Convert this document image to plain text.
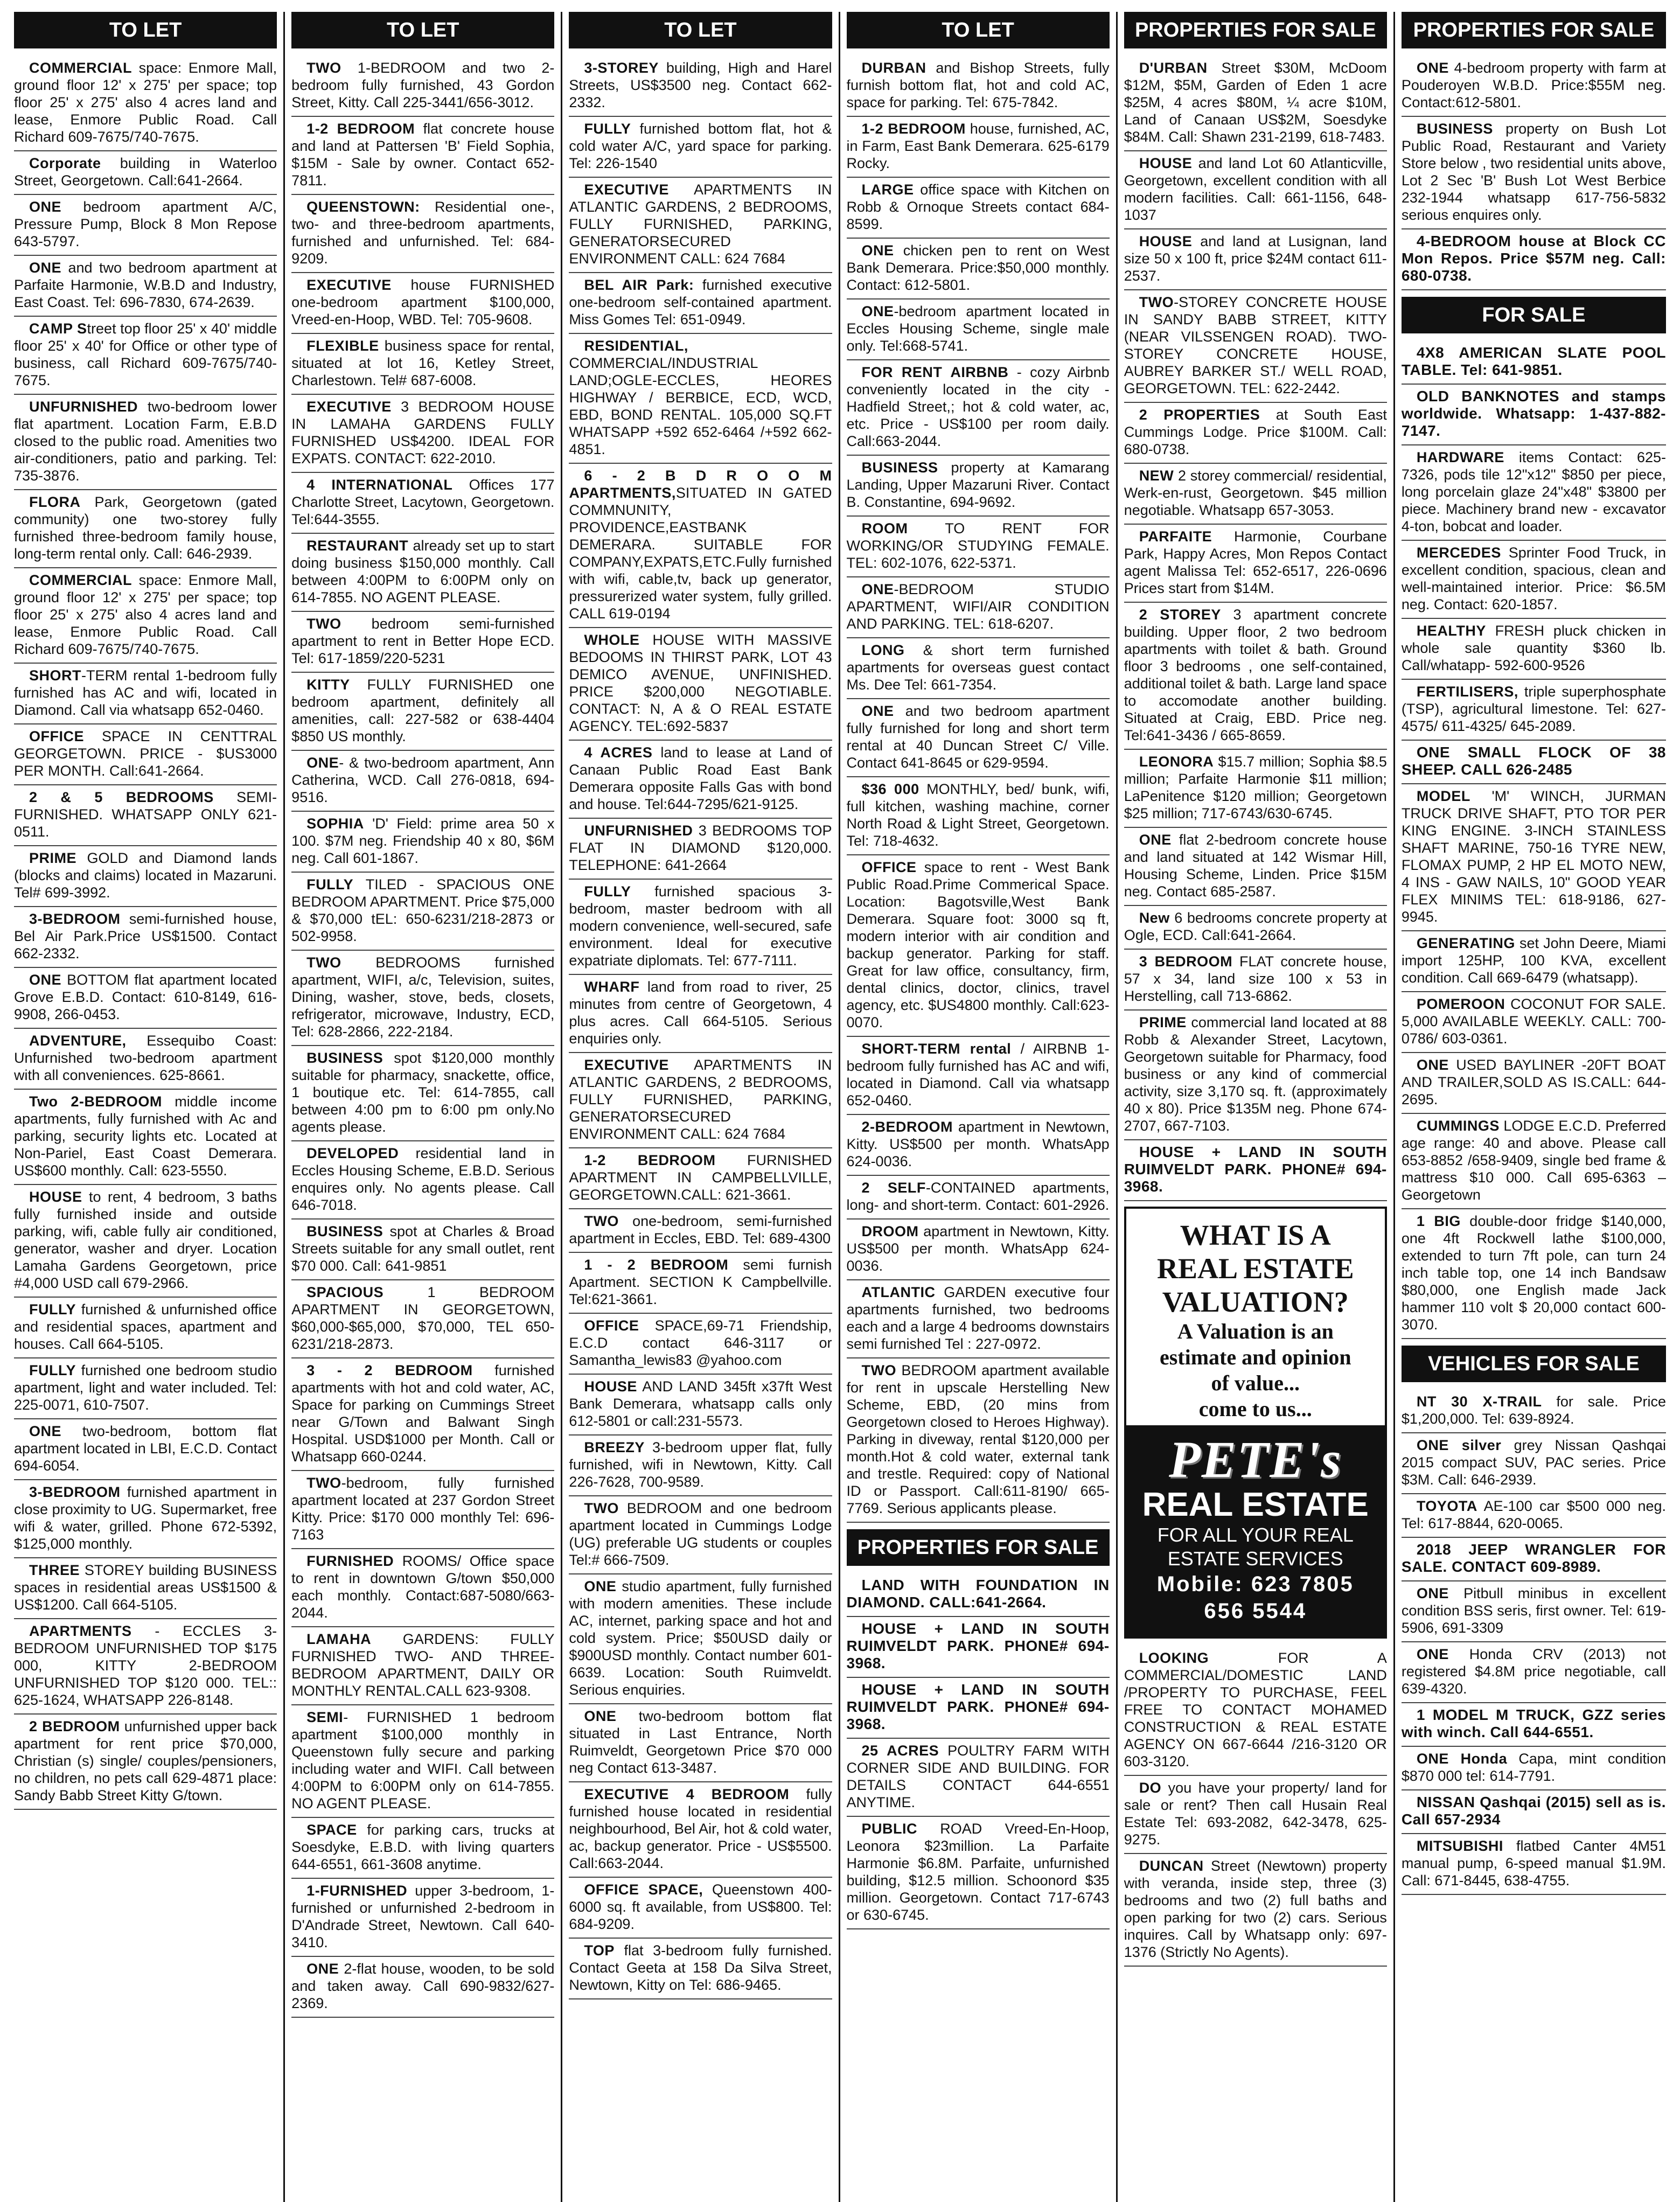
TO LET

COMMERCIAL space: Enmore Mall, ground floor 12' x 275' per space; top floor 25' x 275' also 4 acres land and lease, Enmore Public Road. Call Richard 609-7675/740-7675.

Corporate building in Waterloo Street, Georgetown. Call:641-2664.

ONE bedroom apartment A/C, Pressure Pump, Block 8 Mon Repose 643-5797.

ONE and two bedroom apartment at Parfaite Harmonie, W.B.D and Industry, East Coast. Tel: 696-7830, 674-2639.

CAMP Street top floor 25' x 40' middle floor 25' x 40' for Office or other type of business, call Richard 609-7675/740-7675.

UNFURNISHED two-bedroom lower flat apartment. Location Farm, E.B.D closed to the public road. Amenities two air-conditioners, patio and parking. Tel: 735-3876.

FLORA Park, Georgetown (gated community) one two-storey fully furnished three-bedroom family house, long-term rental only. Call: 646-2939.

COMMERCIAL space: Enmore Mall, ground floor 12' x 275' per space; top floor 25' x 275' also 4 acres land and lease, Enmore Public Road. Call Richard 609-7675/740-7675.

SHORT-TERM rental 1-bedroom fully furnished has AC and wifi, located in Diamond. Call via whatsapp 652-0460.

OFFICE SPACE IN CENTTRAL GEORGETOWN. PRICE - $US3000 PER MONTH. Call:641-2664.

2 & 5 BEDROOMS SEMI-FURNISHED. WHATSAPP ONLY 621-0511.

PRIME GOLD and Diamond lands (blocks and claims) located in Mazaruni. Tel# 699-3992.

3-BEDROOM semi-furnished house, Bel Air Park.Price US$1500. Contact 662-2332.

ONE BOTTOM flat apartment located Grove E.B.D. Contact: 610-8149, 616-9908, 266-0453.

ADVENTURE, Essequibo Coast: Unfurnished two-bedroom apartment with all conveniences. 625-8661.

Two 2-BEDROOM middle income apartments, fully furnished with Ac and parking, security lights etc. Located at Non-Pariel, East Coast Demerara. US$600 monthly. Call: 623-5550.

HOUSE to rent, 4 bedroom, 3 baths fully furnished inside and outside parking, wifi, cable fully air conditioned, generator, washer and dryer. Location Lamaha Gardens Georgetown, price #4,000 USD call 679-2966.

FULLY furnished & unfurnished office and residential spaces, apartment and houses. Call 664-5105.

FULLY furnished one bedroom studio apartment, light and water included. Tel: 225-0071, 610-7507.

ONE two-bedroom, bottom flat apartment located in LBI, E.C.D. Contact 694-6054.

3-BEDROOM furnished apartment in close proximity to UG. Supermarket, free wifi & water, grilled. Phone 672-5392, $125,000 monthly.

THREE STOREY building BUSINESS spaces in residential areas US$1500 & US$1200. Call 664-5105.

APARTMENTS - ECCLES 3-BEDROOM UNFURNISHED TOP $175 000, KITTY 2-BEDROOM UNFURNISHED TOP $120 000. TEL:: 625-1624, WHATSAPP 226-8148.

2 BEDROOM unfurnished upper back apartment for rent price $70,000, Christian (s) single/ couples/pensioners, no children, no pets call 629-4871 place: Sandy Babb Street Kitty G/town.

TO LET

TWO 1-BEDROOM and two 2-bedroom fully furnished, 43 Gordon Street, Kitty. Call 225-3441/656-3012.

1-2 BEDROOM flat concrete house and land at Pattersen 'B' Field Sophia, $15M - Sale by owner. Contact 652-7811.

QUEENSTOWN: Residential one-, two- and three-bedroom apartments, furnished and unfurnished. Tel: 684-9209.

EXECUTIVE house FURNISHED one-bedroom apartment $100,000, Vreed-en-Hoop, WBD. Tel: 705-9608.

FLEXIBLE business space for rental, situated at lot 16, Ketley Street, Charlestown. Tel# 687-6008.

EXECUTIVE 3 BEDROOM HOUSE IN LAMAHA GARDENS FULLY FURNISHED US$4200. IDEAL FOR EXPATS. CONTACT: 622-2010.

4 INTERNATIONAL Offices 177 Charlotte Street, Lacytown, Georgetown. Tel:644-3555.

RESTAURANT already set up to start doing business $150,000 monthly. Call between 4:00PM to 6:00PM only on 614-7855. NO AGENT PLEASE.

TWO bedroom semi-furnished apartment to rent in Better Hope ECD. Tel: 617-1859/220-5231

KITTY FULLY FURNISHED one bedroom apartment, definitely all amenities, call: 227-582 or 638-4404 $850 US monthly.

ONE- & two-bedroom apartment, Ann Catherina, WCD. Call 276-0818, 694-9516.

SOPHIA 'D' Field: prime area 50 x 100. $7M neg. Friendship 40 x 80, $6M neg. Call 601-1867.

FULLY TILED - SPACIOUS ONE BEDROOM APARTMENT. Price $75,000 & $70,000 tEL: 650-6231/218-2873 or 502-9958.

TWO BEDROOMS furnished apartment, WIFI, a/c, Television, suites, Dining, washer, stove, beds, closets, refrigerator, microwave, Industry, ECD, Tel: 628-2866, 222-2184.

BUSINESS spot $120,000 monthly suitable for pharmacy, snackette, office, 1 boutique etc. Tel: 614-7855, call between 4:00 pm to 6:00 pm only.No agents please.

DEVELOPED residential land in Eccles Housing Scheme, E.B.D. Serious enquires only. No agents please. Call 646-7018.

BUSINESS spot at Charles & Broad Streets suitable for any small outlet, rent $70 000. Call: 641-9851

SPACIOUS 1 BEDROOM APARTMENT IN GEORGETOWN, $60,000-$65,000, $70,000, TEL 650-6231/218-2873.

3 - 2 BEDROOM furnished apartments with hot and cold water, AC, Space for parking on Cummings Street near G/Town and Balwant Singh Hospital. USD$1000 per Month. Call or Whatsapp 660-0244.

TWO-bedroom, fully furnished apartment located at 237 Gordon Street Kitty. Price: $170 000 monthly Tel: 696-7163

FURNISHED ROOMS/ Office space to rent in downtown G/town $50,000 each monthly. Contact:687-5080/663-2044.

LAMAHA GARDENS: FULLY FURNISHED TWO- AND THREE-BEDROOM APARTMENT, DAILY OR MONTHLY RENTAL.CALL 623-9308.

SEMI- FURNISHED 1 bedroom apartment $100,000 monthly in Queenstown fully secure and parking including water and WIFI. Call between 4:00PM to 6:00PM only on 614-7855. NO AGENT PLEASE.

SPACE for parking cars, trucks at Soesdyke, E.B.D. with living quarters 644-6551, 661-3608 anytime.

1-FURNISHED upper 3-bedroom, 1-furnished or unfurnished 2-bedroom in D'Andrade Street, Newtown. Call 640-3410.

ONE 2-flat house, wooden, to be sold and taken away. Call 690-9832/627-2369.

TO LET

3-STOREY building, High and Harel Streets, US$3500 neg. Contact 662-2332.

FULLY furnished bottom flat, hot & cold water A/C, yard space for parking. Tel: 226-1540

EXECUTIVE APARTMENTS IN ATLANTIC GARDENS, 2 BEDROOMS, FULLY FURNISHED, PARKING, GENERATORSECURED ENVIRONMENT CALL: 624 7684

BEL AIR Park: furnished executive one-bedroom self-contained apartment. Miss Gomes Tel: 651-0949.

RESIDENTIAL, COMMERCIAL/INDUSTRIAL LAND;OGLE-ECCLES, HEORES HIGHWAY / BERBICE, ECD, WCD, EBD, BOND RENTAL. 105,000 SQ.FT WHATSAPP +592 652-6464 /+592 662-4851.

6 - 2 B D R O O M APARTMENTS,SITUATED IN GATED COMMNUNITY, PROVIDENCE,EASTBANK DEMERARA. SUITABLE FOR COMPANY,EXPATS,ETC.Fully furnished with wifi, cable,tv, back up generator, pressurerized water system, fully grilled. CALL 619-0194

WHOLE HOUSE WITH MASSIVE BEDOOMS IN THIRST PARK, LOT 43 DEMICO AVENUE, UNFINISHED. PRICE $200,000 NEGOTIABLE. CONTACT: N, A & O REAL ESTATE AGENCY. TEL:692-5837

4 ACRES land to lease at Land of Canaan Public Road East Bank Demerara opposite Falls Gas with bond and house. Tel:644-7295/621-9125.

UNFURNISHED 3 BEDROOMS TOP FLAT IN DIAMOND $120,000. TELEPHONE: 641-2664

FULLY furnished spacious 3-bedroom, master bedroom with all modern convenience, well-secured, safe environment. Ideal for executive expatriate diplomats. Tel: 677-7111.

WHARF land from road to river, 25 minutes from centre of Georgetown, 4 plus acres. Call 664-5105. Serious enquiries only.

EXECUTIVE APARTMENTS IN ATLANTIC GARDENS, 2 BEDROOMS, FULLY FURNISHED, PARKING, GENERATORSECURED ENVIRONMENT CALL: 624 7684

1-2 BEDROOM FURNISHED APARTMENT IN CAMPBELLVILLE, GEORGETOWN.CALL: 621-3661.

TWO one-bedroom, semi-furnished apartment in Eccles, EBD. Tel: 689-4300

1 - 2 BEDROOM semi furnish Apartment. SECTION K Campbellville. Tel:621-3661.

OFFICE SPACE,69-71 Friendship, E.C.D contact 646-3117 or Samantha_lewis83 @yahoo.com

HOUSE AND LAND 345ft x37ft West Bank Demerara, whatsapp calls only 612-5801 or call:231-5573.

BREEZY 3-bedroom upper flat, fully furnished, wifi in Newtown, Kitty. Call 226-7628, 700-9589.

TWO BEDROOM and one bedroom apartment located in Cummings Lodge (UG) preferable UG students or couples Tel:# 666-7509.

ONE studio apartment, fully furnished with modern amenities. These include AC, internet, parking space and hot and cold system. Price; $50USD daily or $900USD monthly. Contact number 601-6639. Location: South Ruimveldt. Serious enquiries.

ONE two-bedroom bottom flat situated in Last Entrance, North Ruimveldt, Georgetown Price $70 000 neg Contact 613-3487.

EXECUTIVE 4 BEDROOM fully furnished house located in residential neighbourhood, Bel Air, hot & cold water, ac, backup generator. Price - US$5500. Call:663-2044.

OFFICE SPACE, Queenstown 400-6000 sq. ft available, from US$800. Tel: 684-9209.

TOP flat 3-bedroom fully furnished. Contact Geeta at 158 Da Silva Street, Newtown, Kitty on Tel: 686-9465.

TO LET

DURBAN and Bishop Streets, fully furnish bottom flat, hot and cold AC, space for parking. Tel: 675-7842.

1-2 BEDROOM house, furnished, AC, in Farm, East Bank Demerara. 625-6179 Rocky.

LARGE office space with Kitchen on Robb & Ornoque Streets contact 684-8599.

ONE chicken pen to rent on West Bank Demerara. Price:$50,000 monthly. Contact: 612-5801.

ONE-bedroom apartment located in Eccles Housing Scheme, single male only. Tel:668-5741.

FOR RENT AIRBNB - cozy Airbnb conveniently located in the city - Hadfield Street,; hot & cold water, ac, etc. Price - US$100 per room daily. Call:663-2044.

BUSINESS property at Kamarang Landing, Upper Mazaruni River. Contact B. Constantine, 694-9692.

ROOM TO RENT FOR WORKING/OR STUDYING FEMALE. TEL: 602-1076, 622-5371.

ONE-BEDROOM STUDIO APARTMENT, WIFI/AIR CONDITION AND PARKING. TEL: 618-6207.

LONG & short term furnished apartments for overseas guest contact Ms. Dee Tel: 661-7354.

ONE and two bedroom apartment fully furnished for long and short term rental at 40 Duncan Street C/ Ville. Contact 641-8645 or 629-9594.

$36 000 MONTHLY, bed/ bunk, wifi, full kitchen, washing machine, corner North Road & Light Street, Georgetown. Tel: 718-4632.

OFFICE space to rent - West Bank Public Road.Prime Commerical Space. Location: Bagotsville,West Bank Demerara. Square foot: 3000 sq ft, modern interior with air condition and backup generator. Parking for staff. Great for law office, consultancy, firm, dental clinics, doctor, clinics, travel agency, etc. $US4800 monthly. Call:623-0070.

SHORT-TERM rental / AIRBNB 1-bedroom fully furnished has AC and wifi, located in Diamond. Call via whatsapp 652-0460.

2-BEDROOM apartment in Newtown, Kitty. US$500 per month. WhatsApp 624-0036.

2 SELF-CONTAINED apartments, long- and short-term. Contact: 601-2926.

DROOM apartment in Newtown, Kitty. US$500 per month. WhatsApp 624-0036.

ATLANTIC GARDEN executive four apartments furnished, two bedrooms each and a large 4 bedrooms downstairs semi furnished Tel : 227-0972.

TWO BEDROOM apartment available for rent in upscale Herstelling New Scheme, EBD, (20 mins from Georgetown closed to Heroes Highway). Parking in diveway, rental $120,000 per month.Hot & cold water, external tank and trestle. Required: copy of National ID or Passport. Call:611-8190/ 665-7769. Serious applicants please.

PROPERTIES FOR SALE

LAND WITH FOUNDATION IN DIAMOND. CALL:641-2664.

HOUSE + LAND IN SOUTH RUIMVELDT PARK. PHONE# 694-3968.

HOUSE + LAND IN SOUTH RUIMVELDT PARK. PHONE# 694-3968.

25 ACRES POULTRY FARM WITH CORNER SIDE AND BUILDING. FOR DETAILS CONTACT 644-6551 ANYTIME.

PUBLIC ROAD Vreed-En-Hoop, Leonora $23million. La Parfaite Harmonie $6.8M. Parfaite, unfurnished building, $12.5 million. Schoonord $35 million. Georgetown. Contact 717-6743 or 630-6745.

PROPERTIES FOR SALE

D'URBAN Street $30M, McDoom $12M, $5M, Garden of Eden 1 acre $25M, 4 acres $80M, ¼ acre $10M, Land of Canaan US$2M, Soesdyke $84M. Call: Shawn 231-2199, 618-7483.

HOUSE and land Lot 60 Atlanticville, Georgetown, excellent condition with all modern facilities. Call: 661-1156, 648-1037

HOUSE and land at Lusignan, land size 50 x 100 ft, price $24M contact 611-2537.

TWO-STOREY CONCRETE HOUSE IN SANDY BABB STREET, KITTY (NEAR VILSSENGEN ROAD). TWO-STOREY CONCRETE HOUSE, AUBREY BARKER ST./ WELL ROAD, GEORGETOWN. TEL: 622-2442.

2 PROPERTIES at South East Cummings Lodge. Price $100M. Call: 680-0738.

NEW 2 storey commercial/ residential, Werk-en-rust, Georgetown. $45 million negotiable. Whatsapp 657-3053.

PARFAITE Harmonie, Courbane Park, Happy Acres, Mon Repos Contact agent Malissa Tel: 652-6517, 226-0696 Prices start from $14M.

2 STOREY 3 apartment concrete building. Upper floor, 2 two bedroom apartments with toilet & bath. Ground floor 3 bedrooms , one self-contained, additional toilet & bath. Large land space to accomodate another building. Situated at Craig, EBD. Price neg. Tel:641-3436 / 665-8659.

LEONORA $15.7 million; Sophia $8.5 million; Parfaite Harmonie $11 million; LaPenitence $120 million; Georgetown $25 million; 717-6743/630-6745.

ONE flat 2-bedroom concrete house and land situated at 142 Wismar Hill, Housing Scheme, Linden. Price $15M neg. Contact 685-2587.

New 6 bedrooms concrete property at Ogle, ECD. Call:641-2664.

3 BEDROOM FLAT concrete house, 57 x 34, land size 100 x 53 in Herstelling, call 713-6862.

PRIME commercial land located at 88 Robb & Alexander Street, Lacytown, Georgetown suitable for Pharmacy, food business or any kind of commercial activity, size 3,170 sq. ft. (approximately 40 x 80). Price $135M neg. Phone 674-2707, 667-7103.

HOUSE + LAND IN SOUTH RUIMVELDT PARK. PHONE# 694-3968.

WHAT IS A
REAL ESTATE
VALUATION?
A Valuation is an
estimate and opinion
of value...
come to us...
PETE's
REAL ESTATE
FOR ALL YOUR REAL
ESTATE SERVICES
Mobile: 623 7805
656 5544

LOOKING FOR A COMMERCIAL/DOMESTIC LAND /PROPERTY TO PURCHASE, FEEL FREE TO CONTACT MOHAMED CONSTRUCTION & REAL ESTATE AGENCY ON 667-6644 /216-3120 OR 603-3120.

DO you have your property/ land for sale or rent? Then call Husain Real Estate Tel: 693-2082, 642-3478, 625-9275.

DUNCAN Street (Newtown) property with veranda, inside step, three (3) bedrooms and two (2) full baths and open parking for two (2) cars. Serious inquires. Call by Whatsapp only: 697-1376 (Strictly No Agents).

PROPERTIES FOR SALE

ONE 4-bedroom property with farm at Pouderoyen W.B.D. Price:$55M neg. Contact:612-5801.

BUSINESS property on Bush Lot Public Road, Restaurant and Variety Store below , two residential units above, Lot 2 Sec 'B' Bush Lot West Berbice 232-1944 whatsapp 617-756-5832 serious enquires only.

4-BEDROOM house at Block CC Mon Repos. Price $57M neg. Call: 680-0738.

FOR SALE

4X8 AMERICAN SLATE POOL TABLE. Tel: 641-9851.

OLD BANKNOTES and stamps worldwide. Whatsapp: 1-437-882-7147.

HARDWARE items Contact: 625-7326, pods tile 12"x12" $850 per piece, long porcelain glaze 24"x48" $3800 per piece. Machinery brand new - excavator 4-ton, bobcat and loader.

MERCEDES Sprinter Food Truck, in excellent condition, spacious, clean and well-maintained interior. Price: $6.5M neg. Contact: 620-1857.

HEALTHY FRESH pluck chicken in whole sale quantity $360 lb. Call/whatapp- 592-600-9526

FERTILISERS, triple superphosphate (TSP), agricultural limestone. Tel: 627-4575/ 611-4325/ 645-2089.

ONE SMALL FLOCK OF 38 SHEEP. CALL 626-2485

MODEL 'M' WINCH, JURMAN TRUCK DRIVE SHAFT, PTO TOR PER KING ENGINE. 3-INCH STAINLESS SHAFT MARINE, 750-16 TYRE NEW, FLOMAX PUMP, 2 HP EL MOTO NEW, 4 INS - GAW NAILS, 10" GOOD YEAR FLEX MINIMS TEL: 618-9186, 627-9945.

GENERATING set John Deere, Miami import 125HP, 100 KVA, excellent condition. Call 669-6479 (whatsapp).

POMEROON COCONUT FOR SALE. 5,000 AVAILABLE WEEKLY. CALL: 700-0786/ 603-0361.

ONE USED BAYLINER -20FT BOAT AND TRAILER,SOLD AS IS.CALL: 644-2695.

CUMMINGS LODGE E.C.D. Preferred age range: 40 and above. Please call 653-8852 /658-9409, single bed frame & mattress $10 000. Call 695-6363 – Georgetown

1 BIG double-door fridge $140,000, one 4ft Rockwell lathe $100,000, extended to turn 7ft pole, can turn 24 inch table top, one 14 inch Bandsaw $80,000, one English made Jack hammer 110 volt $ 20,000 contact 600-3070.

VEHICLES FOR SALE

NT 30 X-TRAIL for sale. Price $1,200,000. Tel: 639-8924.

ONE silver grey Nissan Qashqai 2015 compact SUV, PAC series. Price $3M. Call: 646-2939.

TOYOTA AE-100 car $500 000 neg. Tel: 617-8844, 620-0065.

2018 JEEP WRANGLER FOR SALE. CONTACT 609-8989.

ONE Pitbull minibus in excellent condition BSS seris, first owner. Tel: 619-5906, 691-3309

ONE Honda CRV (2013) not registered $4.8M price negotiable, call 639-4320.

1 MODEL M TRUCK, GZZ series with winch. Call 644-6551.

ONE Honda Capa, mint condition $870 000 tel: 614-7791.

NISSAN Qashqai (2015) sell as is. Call 657-2934

MITSUBISHI flatbed Canter 4M51 manual pump, 6-speed manual $1.9M. Call: 671-8445, 638-4755.
